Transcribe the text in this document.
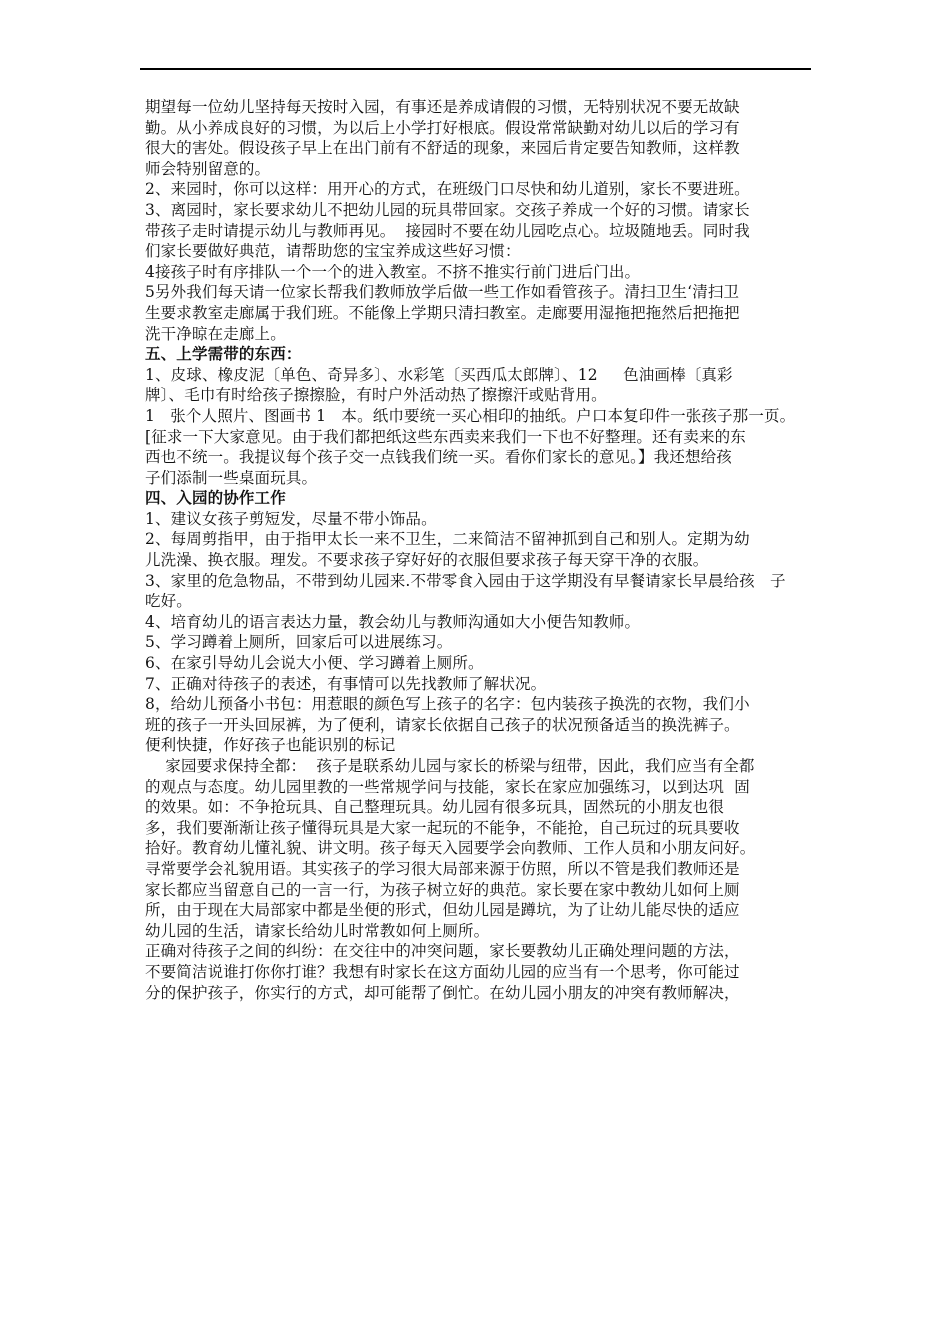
期望每一位幼儿坚持每天按时入园，有事还是养成请假的习惯，无特别状况不要无故缺
勤。从小养成良好的习惯，为以后上小学打好根底。假设常常缺勤对幼儿以后的学习有
很大的害处。假设孩子早上在出门前有不舒适的现象，来园后肯定要告知教师，这样教
师会特别留意的。
2、来园时，你可以这样：用开心的方式，在班级门口尽快和幼儿道别，家长不要进班。
3、离园时，家长要求幼儿不把幼儿园的玩具带回家。交孩子养成一个好的习惯。请家长
带孩子走时请提示幼儿与教师再见。  接园时不要在幼儿园吃点心。垃圾随地丢。同时我
们家长要做好典范，请帮助您的宝宝养成这些好习惯：
4接孩子时有序排队一个一个的进入教室。不挤不推实行前门进后门出。
5另外我们每天请一位家长帮我们教师放学后做一些工作如看管孩子。清扫卫生‘清扫卫
生要求教室走廊属于我们班。不能像上学期只清扫教室。走廊要用湿拖把拖然后把拖把
洗干净晾在走廊上。
五、上学需带的东西：
1、皮球、橡皮泥〔单色、奇异多〕、水彩笔〔买西瓜太郎牌〕、12     色油画棒〔真彩
牌〕、毛巾有时给孩子擦擦脸，有时户外活动热了擦擦汗或贴背用。
1   张个人照片、图画书 1   本。纸巾要统一买心相印的抽纸。户口本复印件一张孩子那一页。
[征求一下大家意见。由于我们都把纸这些东西卖来我们一下也不好整理。还有卖来的东
西也不统一。我提议每个孩子交一点钱我们统一买。看你们家长的意见。】我还想给孩
子们添制一些桌面玩具。
四、入园的协作工作
1、建议女孩子剪短发，尽量不带小饰品。
2、每周剪指甲，由于指甲太长一来不卫生，二来简洁不留神抓到自己和别人。定期为幼
儿洗澡、换衣服。理发。不要求孩子穿好好的衣服但要求孩子每天穿干净的衣服。
3、家里的危急物品，不带到幼儿园来.不带零食入园由于这学期没有早餐请家长早晨给孩   子
吃好。
4、培育幼儿的语言表达力量，教会幼儿与教师沟通如大小便告知教师。
5、学习蹲着上厕所，回家后可以进展练习。
6、在家引导幼儿会说大小便、学习蹲着上厕所。
7、正确对待孩子的表述，有事情可以先找教师了解状况。
8，给幼儿预备小书包：用惹眼的颜色写上孩子的名字：包内装孩子换洗的衣物，我们小
班的孩子一开头回尿裤，为了便利，请家长依据自己孩子的状况预备适当的换洗裤子。
便利快捷，作好孩子也能识别的标记
家园要求保持全都：  孩子是联系幼儿园与家长的桥梁与纽带，因此，我们应当有全都
的观点与态度。幼儿园里教的一些常规学问与技能，家长在家应加强练习，以到达巩  固
的效果。如：不争抢玩具、自己整理玩具。幼儿园有很多玩具，固然玩的小朋友也很
多，我们要渐渐让孩子懂得玩具是大家一起玩的不能争，不能抢，自己玩过的玩具要收
拾好。教育幼儿懂礼貌、讲文明。孩子每天入园要学会向教师、工作人员和小朋友问好。
寻常要学会礼貌用语。其实孩子的学习很大局部来源于仿照，所以不管是我们教师还是
家长都应当留意自己的一言一行，为孩子树立好的典范。家长要在家中教幼儿如何上厕
所，由于现在大局部家中都是坐便的形式，但幼儿园是蹲坑，为了让幼儿能尽快的适应
幼儿园的生活，请家长给幼儿时常教如何上厕所。
正确对待孩子之间的纠纷：在交往中的冲突问题，家长要教幼儿正确处理问题的方法，
不要简洁说谁打你你打谁？我想有时家长在这方面幼儿园的应当有一个思考，你可能过
分的保护孩子，你实行的方式，却可能帮了倒忙。在幼儿园小朋友的冲突有教师解决，
